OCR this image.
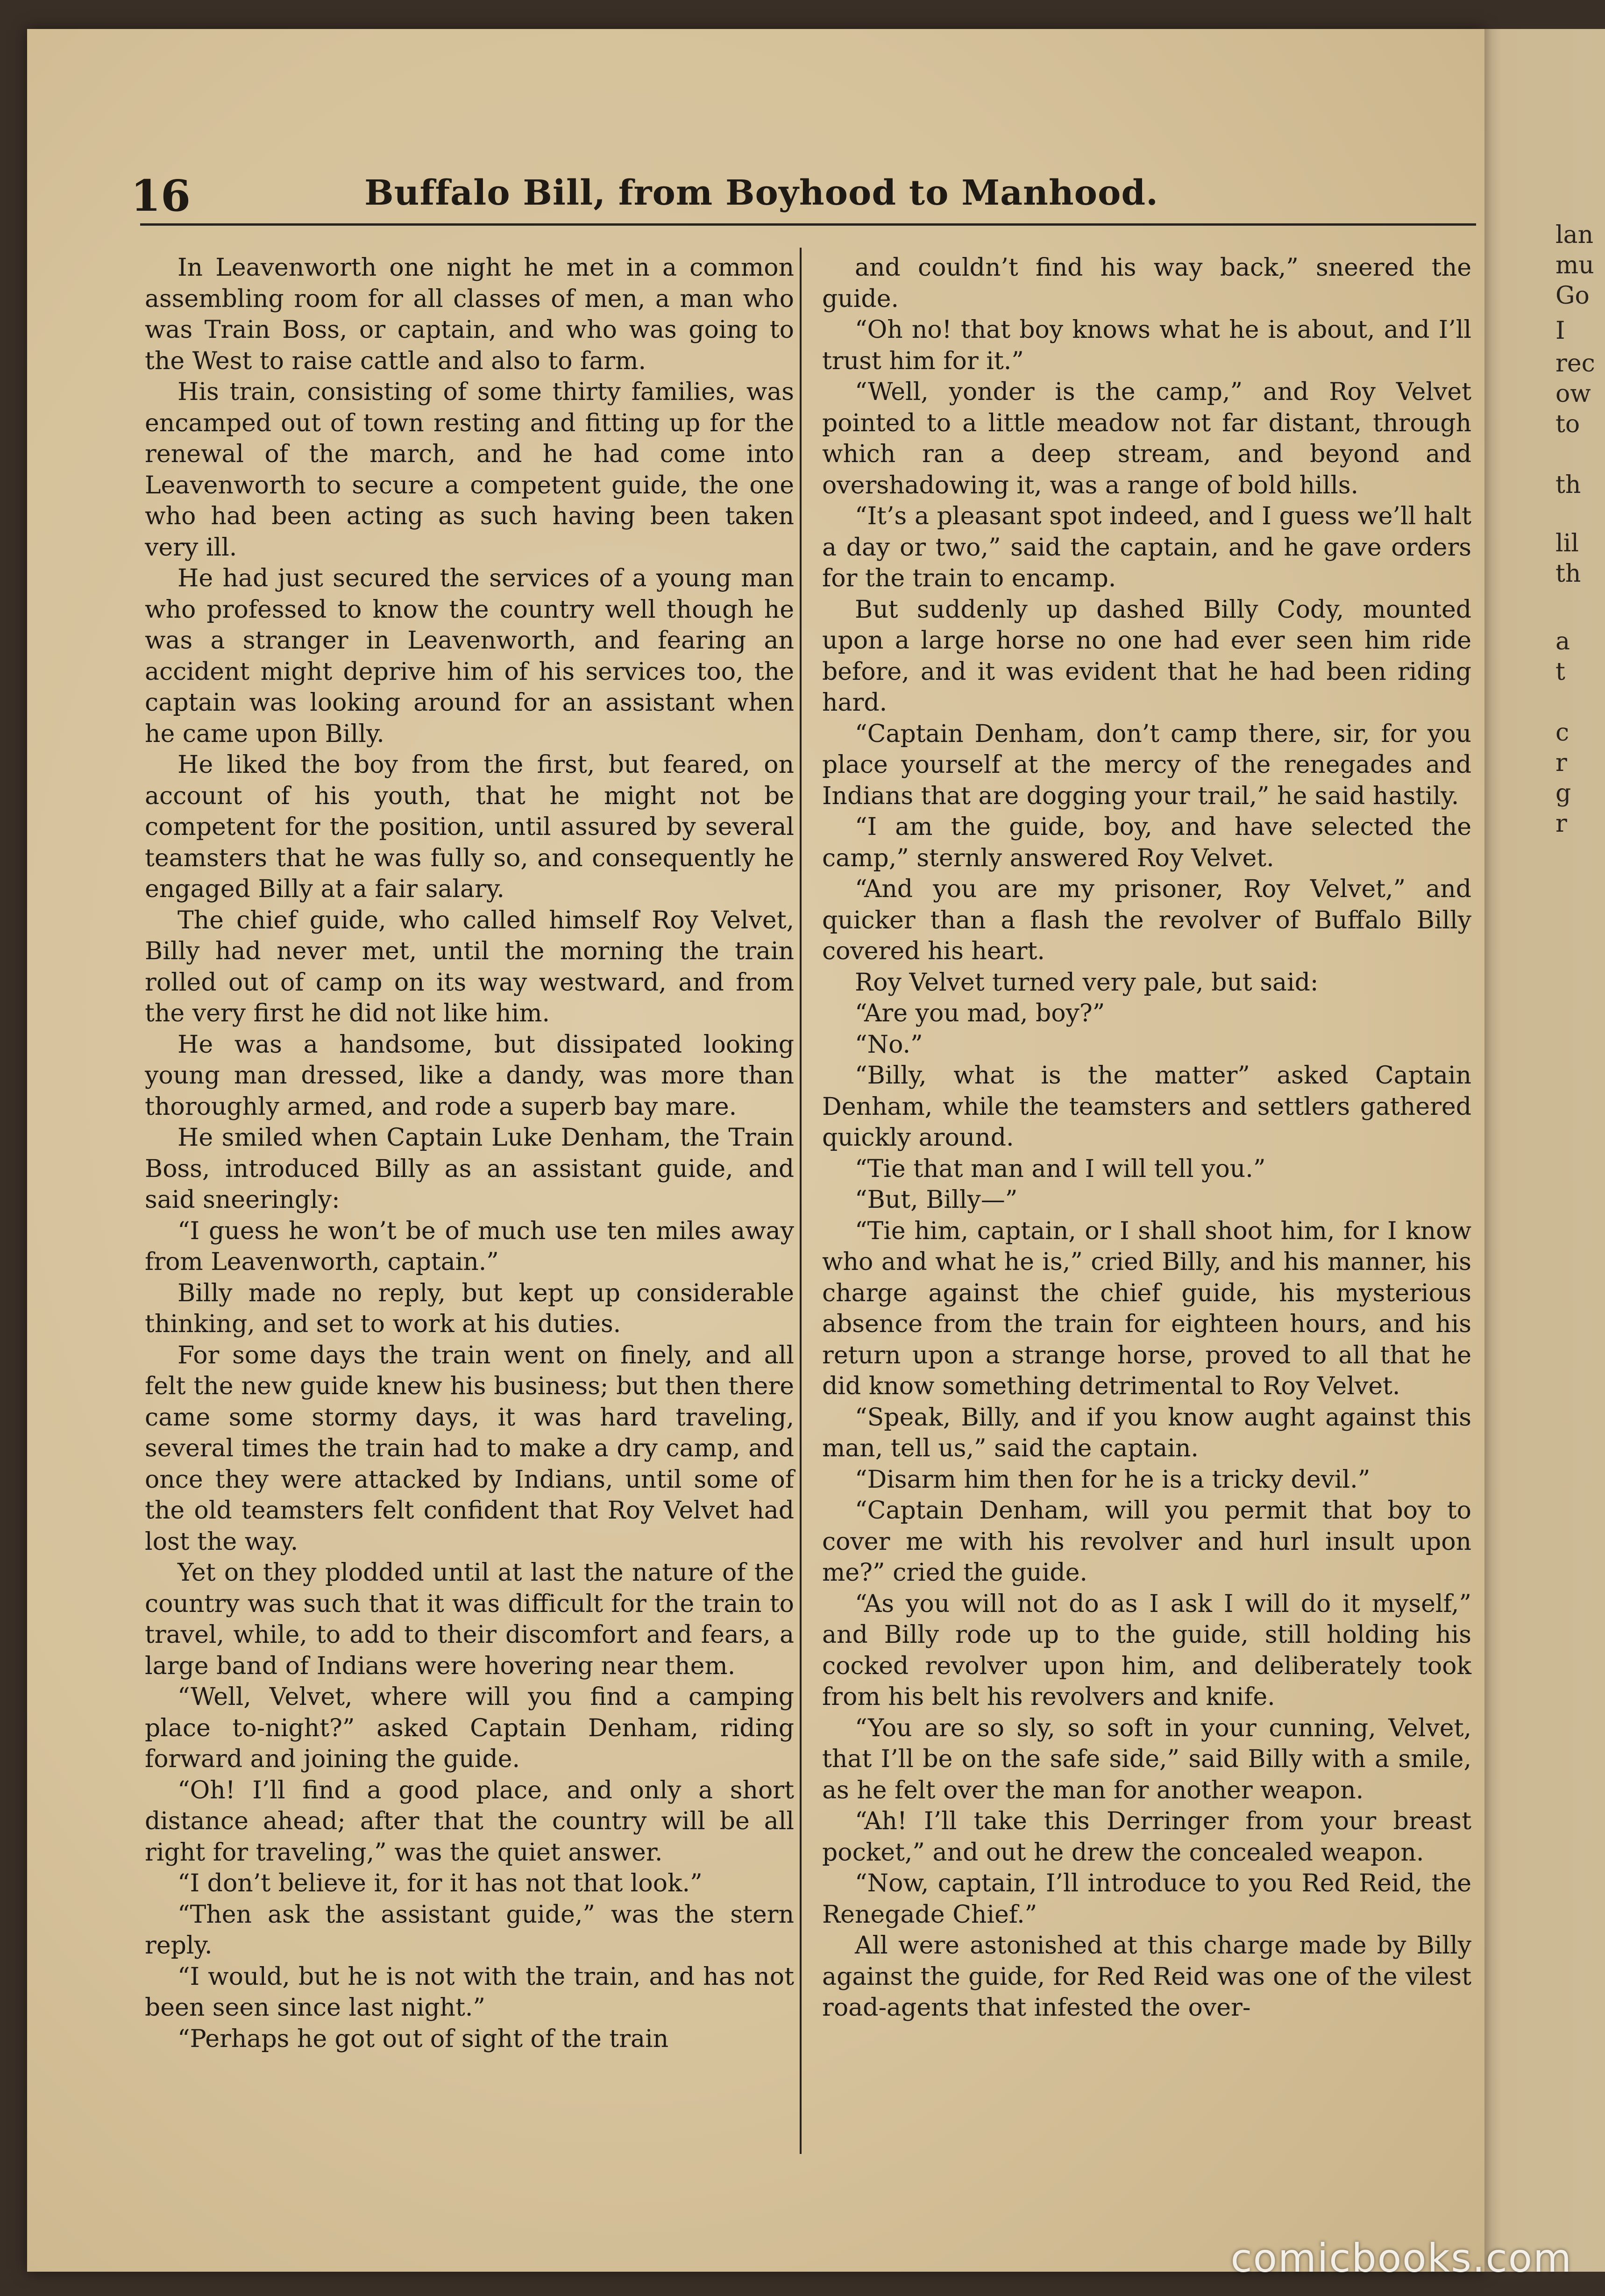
16	Buffalo Bill, from Boyhood to Manhood.

In Leavenworth one night he met in a common assembling room for all classes of men, a man who was Train Boss, or captain, and who was going to the West to raise cattle and also to farm.

His train, consisting of some thirty families, was encamped out of town resting and fitting up for the renewal of the march, and he had come into Leavenworth to secure a competent guide, the one who had been acting as such having been taken very ill.

He had just secured the services of a young man who professed to know the country well though he was a stranger in Leavenworth, and fearing an accident might deprive him of his services too, the captain was looking around for an assistant when he came upon Billy.

He liked the boy from the first, but feared, on account of his youth, that he might not be competent for the position, until assured by several teamsters that he was fully so, and consequently he engaged Billy at a fair salary.

The chief guide, who called himself Roy Velvet, Billy had never met, until the morning the train rolled out of camp on its way westward, and from the very first he did not like him.

He was a handsome, but dissipated looking young man dressed, like a dandy, was more than thoroughly armed, and rode a superb bay mare.

He smiled when Captain Luke Denham, the Train Boss, introduced Billy as an assistant guide, and said sneeringly:

“I guess he won’t be of much use ten miles away from Leavenworth, captain.”

Billy made no reply, but kept up considerable thinking, and set to work at his duties.

For some days the train went on finely, and all felt the new guide knew his business; but then there came some stormy days, it was hard traveling, several times the train had to make a dry camp, and once they were attacked by Indians, until some of the old teamsters felt confident that Roy Velvet had lost the way.

Yet on they plodded until at last the nature of the country was such that it was difficult for the train to travel, while, to add to their discomfort and fears, a large band of Indians were hovering near them.

“Well, Velvet, where will you find a camping place to-night?” asked Captain Denham, riding forward and joining the guide.

“Oh! I’ll find a good place, and only a short distance ahead; after that the country will be all right for traveling,” was the quiet answer.

“I don’t believe it, for it has not that look.”

“Then ask the assistant guide,” was the stern reply.

“I would, but he is not with the train, and has not been seen since last night.”

“Perhaps he got out of sight of the train

and couldn’t find his way back,” sneered the guide.

“Oh no! that boy knows what he is about, and I’ll trust him for it.”

“Well, yonder is the camp,” and Roy Velvet pointed to a little meadow not far distant, through which ran a deep stream, and beyond and overshadowing it, was a range of bold hills.

“It’s a pleasant spot indeed, and I guess we’ll halt a day or two,” said the captain, and he gave orders for the train to encamp.

But suddenly up dashed Billy Cody, mounted upon a large horse no one had ever seen him ride before, and it was evident that he had been riding hard.

“Captain Denham, don’t camp there, sir, for you place yourself at the mercy of the renegades and Indians that are dogging your trail,” he said hastily.

“I am the guide, boy, and have selected the camp,” sternly answered Roy Velvet.

“And you are my prisoner, Roy Velvet,” and quicker than a flash the revolver of Buffalo Billy covered his heart.

Roy Velvet turned very pale, but said:

“Are you mad, boy?”

“No.”

“Billy, what is the matter” asked Captain Denham, while the teamsters and settlers gathered quickly around.

“Tie that man and I will tell you.”

“But, Billy—”

“Tie him, captain, or I shall shoot him, for I know who and what he is,” cried Billy, and his manner, his charge against the chief guide, his mysterious absence from the train for eighteen hours, and his return upon a strange horse, proved to all that he did know something detrimental to Roy Velvet.

“Speak, Billy, and if you know aught against this man, tell us,” said the captain.

“Disarm him then for he is a tricky devil.”

“Captain Denham, will you permit that boy to cover me with his revolver and hurl insult upon me?” cried the guide.

“As you will not do as I ask I will do it myself,” and Billy rode up to the guide, still holding his cocked revolver upon him, and deliberately took from his belt his revolvers and knife.

“You are so sly, so soft in your cunning, Velvet, that I’ll be on the safe side,” said Billy with a smile, as he felt over the man for another weapon.

“Ah! I’ll take this Derringer from your breast pocket,” and out he drew the concealed weapon.

“Now, captain, I’ll introduce to you Red Reid, the Renegade Chief.”

All were astonished at this charge made by Billy against the guide, for Red Reid was one of the vilest road-agents that infested the over-

lan
mu
Go
I
rec
ow
to
th
lil
th
a
t
c
r
g
r
comicbooks.com
